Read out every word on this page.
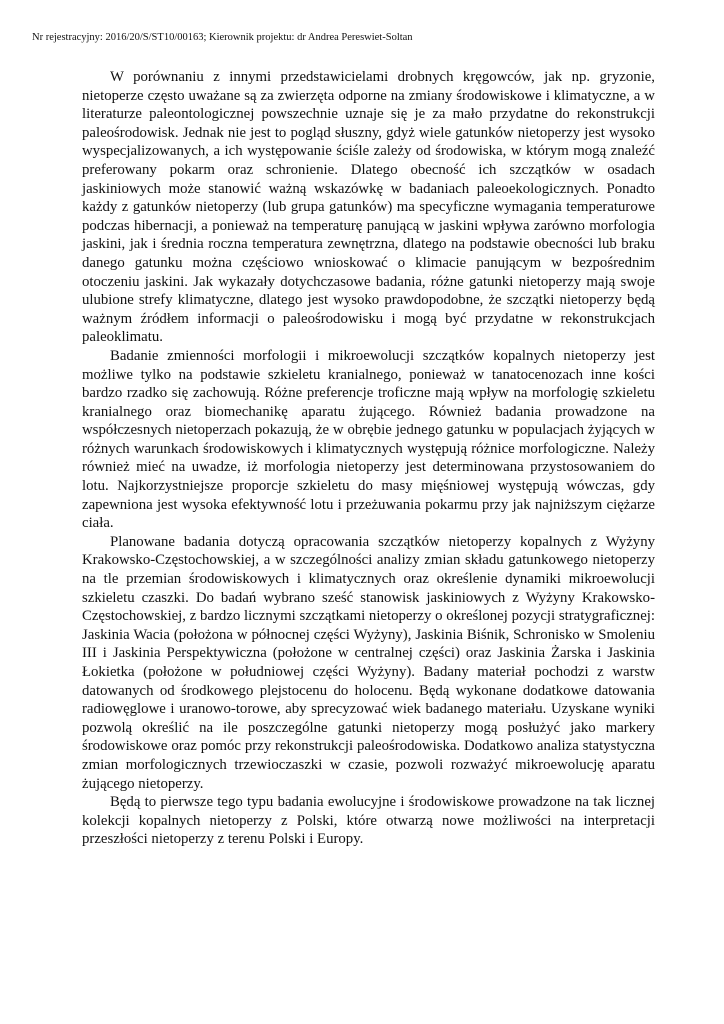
Nr rejestracyjny: 2016/20/S/ST10/00163; Kierownik projektu: dr Andrea Pereswiet-Soltan

W porównaniu z innymi przedstawicielami drobnych kręgowców, jak np. gryzonie, nietoperze często uważane są za zwierzęta odporne na zmiany środowiskowe i klimatyczne, a w literaturze paleontologicznej powszechnie uznaje się je za mało przydatne do rekonstrukcji paleośrodowisk. Jednak nie jest to pogląd słuszny, gdyż wiele gatunków nietoperzy jest wysoko wyspecjalizowanych, a ich występowanie ściśle zależy od środowiska, w którym mogą znaleźć preferowany pokarm oraz schronienie. Dlatego obecność ich szczątków w osadach jaskiniowych może stanowić ważną wskazówkę w badaniach paleoekologicznych. Ponadto każdy z gatunków nietoperzy (lub grupa gatunków) ma specyficzne wymagania temperaturowe podczas hibernacji, a ponieważ na temperaturę panującą w jaskini wpływa zarówno morfologia jaskini, jak i średnia roczna temperatura zewnętrzna, dlatego na podstawie obecności lub braku danego gatunku można częściowo wnioskować o klimacie panującym w bezpośrednim otoczeniu jaskini. Jak wykazały dotychczasowe badania, różne gatunki nietoperzy mają swoje ulubione strefy klimatyczne, dlatego jest wysoko prawdopodobne, że szczątki nietoperzy będą ważnym źródłem informacji o paleośrodowisku i mogą być przydatne w rekonstrukcjach paleoklimatu.

Badanie zmienności morfologii i mikroewolucji szczątków kopalnych nietoperzy jest możliwe tylko na podstawie szkieletu kranialnego, ponieważ w tanatocenozach inne kości bardzo rzadko się zachowują. Różne preferencje troficzne mają wpływ na morfologię szkieletu kranialnego oraz biomechanikę aparatu żującego. Również badania prowadzone na współczesnych nietoperzach pokazują, że w obrębie jednego gatunku w populacjach żyjących w różnych warunkach środowiskowych i klimatycznych występują różnice morfologiczne. Należy również mieć na uwadze, iż morfologia nietoperzy jest determinowana przystosowaniem do lotu. Najkorzystniejsze proporcje szkieletu do masy mięśniowej występują wówczas, gdy zapewniona jest wysoka efektywność lotu i przeżuwania pokarmu przy jak najniższym ciężarze ciała.

Planowane badania dotyczą opracowania szczątków nietoperzy kopalnych z Wyżyny Krakowsko-Częstochowskiej, a w szczególności analizy zmian składu gatunkowego nietoperzy na tle przemian środowiskowych i klimatycznych oraz określenie dynamiki mikroewolucji szkieletu czaszki. Do badań wybrano sześć stanowisk jaskiniowych z Wyżyny Krakowsko-Częstochowskiej, z bardzo licznymi szczątkami nietoperzy o określonej pozycji stratygraficznej: Jaskinia Wacia (położona w północnej części Wyżyny), Jaskinia Biśnik, Schronisko w Smoleniu III i Jaskinia Perspektywiczna (położone w centralnej części) oraz Jaskinia Żarska i Jaskinia Łokietka (położone w południowej części Wyżyny). Badany materiał pochodzi z warstw datowanych od środkowego plejstocenu do holocenu. Będą wykonane dodatkowe datowania radiowęglowe i uranowo-torowe, aby sprecyzować wiek badanego materiału. Uzyskane wyniki pozwolą określić na ile poszczególne gatunki nietoperzy mogą posłużyć jako markery środowiskowe oraz pomóc przy rekonstrukcji paleośrodowiska. Dodatkowo analiza statystyczna zmian morfologicznych trzewioczaszki w czasie, pozwoli rozważyć mikroewolucję aparatu żującego nietoperzy.

Będą to pierwsze tego typu badania ewolucyjne i środowiskowe prowadzone na tak licznej kolekcji kopalnych nietoperzy z Polski, które otwarzą nowe możliwości na interpretacji przeszłości nietoperzy z terenu Polski i Europy.
